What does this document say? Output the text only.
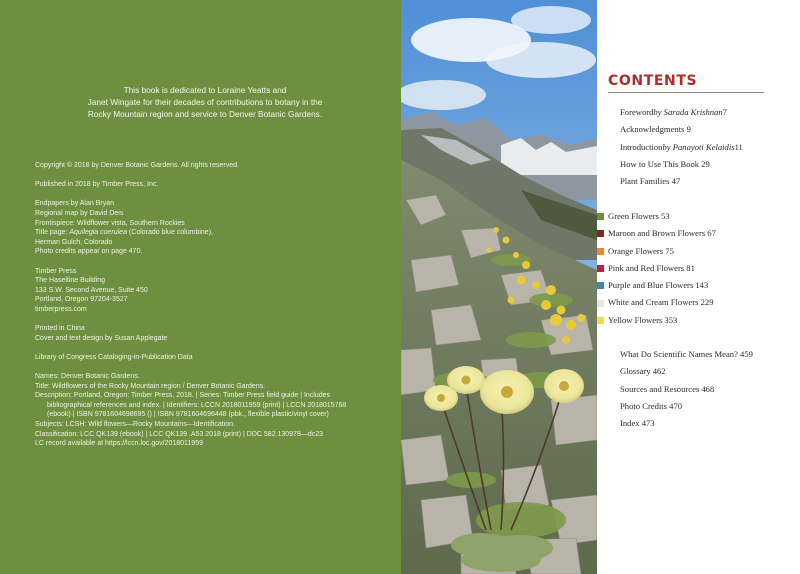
This book is dedicated to Loraine Yeatts and
Janet Wingate for their decades of contributions to botany in the
Rocky Mountain region and service to Denver Botanic Gardens.
Copyright © 2018 by Denver Botanic Gardens. All rights reserved.
Published in 2018 by Timber Press, Inc.
Endpapers by Alan Bryan
Regional map by David Deis
Frontispiece: Wildflower vista, Southern Rockies
Title page: Aquilegia coerulea (Colorado blue columbine),
Herman Gulch, Colorado
Photo credits appear on page 470.
Timber Press
The Haseltine Building
133 S.W. Second Avenue, Suite 450
Portland, Oregon 97204-3527
timberpress.com
Printed in China
Cover and text design by Susan Applegate
Library of Congress Cataloging-in-Publication Data
Names: Denver Botanic Gardens.
Title: Wildflowers of the Rocky Mountain region / Denver Botanic Gardens.
Description: Portland, Oregon: Timber Press, 2018. | Series: Timber Press field guide | Includes
bibliographical references and index. | Identifiers: LCCN 2018011959 (print) | LCCN 2018015768
(ebook) | ISBN 9781604698695 () | ISBN 9781604696448 (pbk., flexible plastic/vinyl cover)
Subjects: LCSH: Wild flowers—Rocky Mountains—Identification.
Classification: LCC QK139 (ebook) | LCC QK139 .A53 2018 (print) | DDC 582.130978—dc23
LC record available at https://lccn.loc.gov/2018011959
CONTENTS
Foreword by Sarada Krishnan 7
Acknowledgments 9
Introduction by Panayoti Kelaidis 11
How to Use This Book 29
Plant Families 47
Green Flowers 53
Maroon and Brown Flowers 67
Orange Flowers 75
Pink and Red Flowers 81
Purple and Blue Flowers 143
White and Cream Flowers 229
Yellow Flowers 353
What Do Scientific Names Mean? 459
Glossary 462
Sources and Resources 468
Photo Credits 470
Index 473
